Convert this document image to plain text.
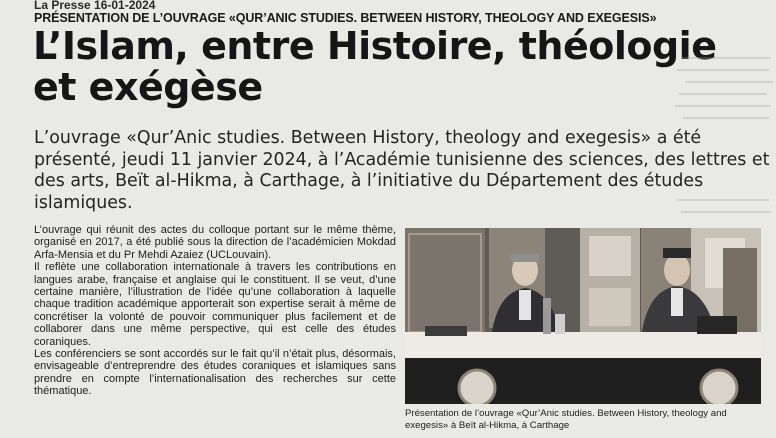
La Presse 16-01-2024
PRÉSENTATION DE L’OUVRAGE «QUR’ANIC STUDIES. BETWEEN HISTORY, THEOLOGY AND EXEGESIS»
L’Islam, entre Histoire, théologie et exégèse

L’ouvrage «Qur’Anic studies. Between History, theology and exegesis» a été présenté, jeudi 11 janvier 2024, à l’Académie tunisienne des sciences, des lettres et des arts, Beït al-Hikma, à Carthage, à l’initiative du Département des études islamiques.

L’ouvrage qui réunit des actes du colloque portant sur le même thème, organisé en 2017, a été publié sous la direction de l’académicien Mokdad Arfa-Mensia et du Pr Mehdi Azaiez (UCLouvain).

Il reflète une collaboration internationale à travers les contributions en langues arabe, française et anglaise qui le constituent. Il se veut, d’une certaine manière, l’illustration de l’idée qu’une collaboration à laquelle chaque tradition académique apporterait son expertise serait à même de concrétiser la volonté de pouvoir communiquer plus facilement et de collaborer dans une même perspective, qui est celle des études coraniques.

Les conférenciers se sont accordés sur le fait qu’il n’était plus, désormais, envisageable d’entreprendre des études coraniques et islamiques sans prendre en compte l’internationalisation des recherches sur cette thématique.

Présentation de l’ouvrage «Qur’Anic studies. Between History, theology and exegesis» à Beït al-Hikma, à Carthage
